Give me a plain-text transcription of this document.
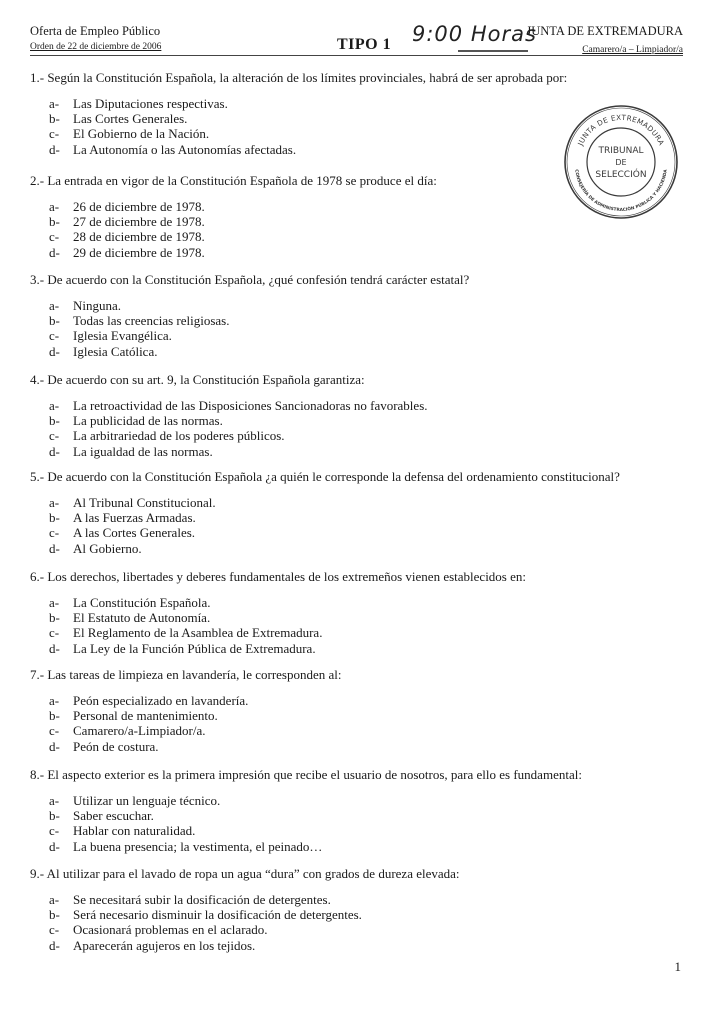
Oferta de Empleo Público
Orden de 22 de diciembre de 2006	TIPO 1 9:00 Horas
JUNTA DE EXTREMADURA
Camarero/a – Limpiador/a
JUNTA DE EXTREMADURA
CONSEJERÍA DE ADMINISTRACIÓN PÚBLICA Y HACIENDA
TRIBUNAL
DE
SELECCIÓN
1.- Según la Constitución Española, la alteración de los límites provinciales, habrá de ser aprobada por:
a- Las Diputaciones respectivas.
b- Las Cortes Generales.
c- El Gobierno de la Nación.
d- La Autonomía o las Autonomías afectadas.
2.- La entrada en vigor de la Constitución Española de 1978 se produce el día:
a- 26 de diciembre de 1978.
b- 27 de diciembre de 1978.
c- 28 de diciembre de 1978.
d- 29 de diciembre de 1978.
3.- De acuerdo con la Constitución Española, ¿qué confesión tendrá carácter estatal?
a- Ninguna.
b- Todas las creencias religiosas.
c- Iglesia Evangélica.
d- Iglesia Católica.
4.- De acuerdo con su art. 9, la Constitución Española garantiza:
a- La retroactividad de las Disposiciones Sancionadoras no favorables.
b- La publicidad de las normas.
c- La arbitrariedad de los poderes públicos.
d- La igualdad de las normas.
5.- De acuerdo con la Constitución Española ¿a quién le corresponde la defensa del ordenamiento constitucional?
a- Al Tribunal Constitucional.
b- A las Fuerzas Armadas.
c- A las Cortes Generales.
d- Al Gobierno.
6.- Los derechos, libertades y deberes fundamentales de los extremeños vienen establecidos en:
a- La Constitución Española.
b- El Estatuto de Autonomía.
c- El Reglamento de la Asamblea de Extremadura.
d- La Ley de la Función Pública de Extremadura.
7.- Las tareas de limpieza en lavandería, le corresponden al:
a- Peón especializado en lavandería.
b- Personal de mantenimiento.
c- Camarero/a-Limpiador/a.
d- Peón de costura.
8.- El aspecto exterior es la primera impresión que recibe el usuario de nosotros, para ello es fundamental:
a- Utilizar un lenguaje técnico.
b- Saber escuchar.
c- Hablar con naturalidad.
d- La buena presencia; la vestimenta, el peinado…
9.- Al utilizar para el lavado de ropa un agua “dura” con grados de dureza elevada:
a- Se necesitará subir la dosificación de detergentes.
b- Será necesario disminuir la dosificación de detergentes.
c- Ocasionará problemas en el aclarado.
d- Aparecerán agujeros en los tejidos.
1
